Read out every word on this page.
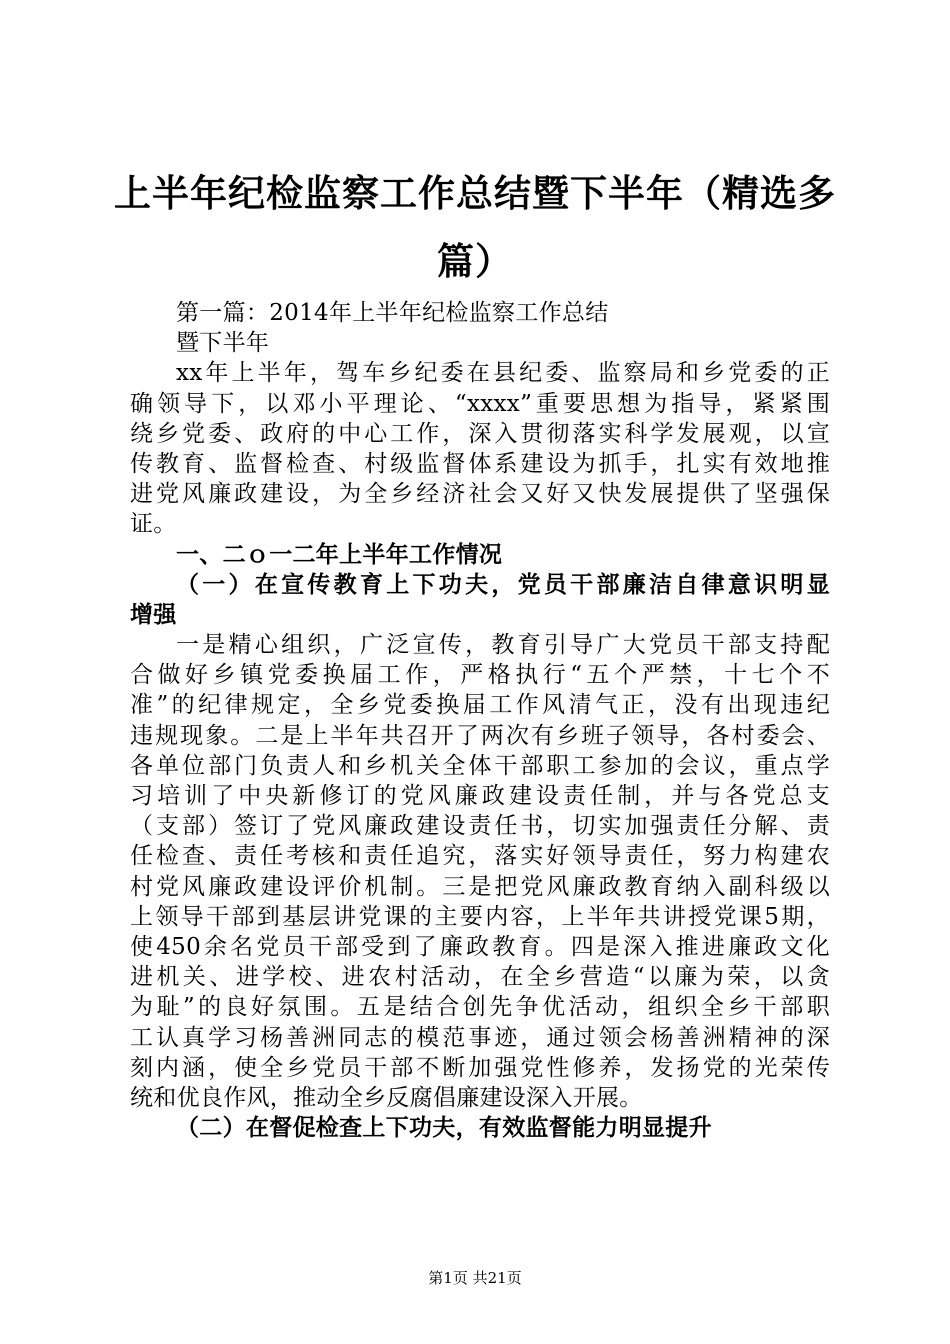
上半年纪检监察工作总结暨下半年（精选多
篇）
第一篇：2014年上半年纪检监察工作总结
暨下半年
xx年上半年，驾车乡纪委在县纪委、监察局和乡党委的正
确领导下，以邓小平理论、“xxxx”重要思想为指导，紧紧围
绕乡党委、政府的中心工作，深入贯彻落实科学发展观，以宣
传教育、监督检查、村级监督体系建设为抓手，扎实有效地推
进党风廉政建设，为全乡经济社会又好又快发展提供了坚强保
证。
一、二ｏ一二年上半年工作情况
（一）在宣传教育上下功夫，党员干部廉洁自律意识明显
增强
一是精心组织，广泛宣传，教育引导广大党员干部支持配
合做好乡镇党委换届工作，严格执行“五个严禁，十七个不
准”的纪律规定，全乡党委换届工作风清气正，没有出现违纪
违规现象。二是上半年共召开了两次有乡班子领导，各村委会、
各单位部门负责人和乡机关全体干部职工参加的会议，重点学
习培训了中央新修订的党风廉政建设责任制，并与各党总支
（支部）签订了党风廉政建设责任书，切实加强责任分解、责
任检查、责任考核和责任追究，落实好领导责任，努力构建农
村党风廉政建设评价机制。三是把党风廉政教育纳入副科级以
上领导干部到基层讲党课的主要内容，上半年共讲授党课5期，
使450余名党员干部受到了廉政教育。四是深入推进廉政文化
进机关、进学校、进农村活动，在全乡营造“以廉为荣，以贪
为耻”的良好氛围。五是结合创先争优活动，组织全乡干部职
工认真学习杨善洲同志的模范事迹，通过领会杨善洲精神的深
刻内涵，使全乡党员干部不断加强党性修养，发扬党的光荣传
统和优良作风，推动全乡反腐倡廉建设深入开展。
（二）在督促检查上下功夫，有效监督能力明显提升
第1页 共21页
